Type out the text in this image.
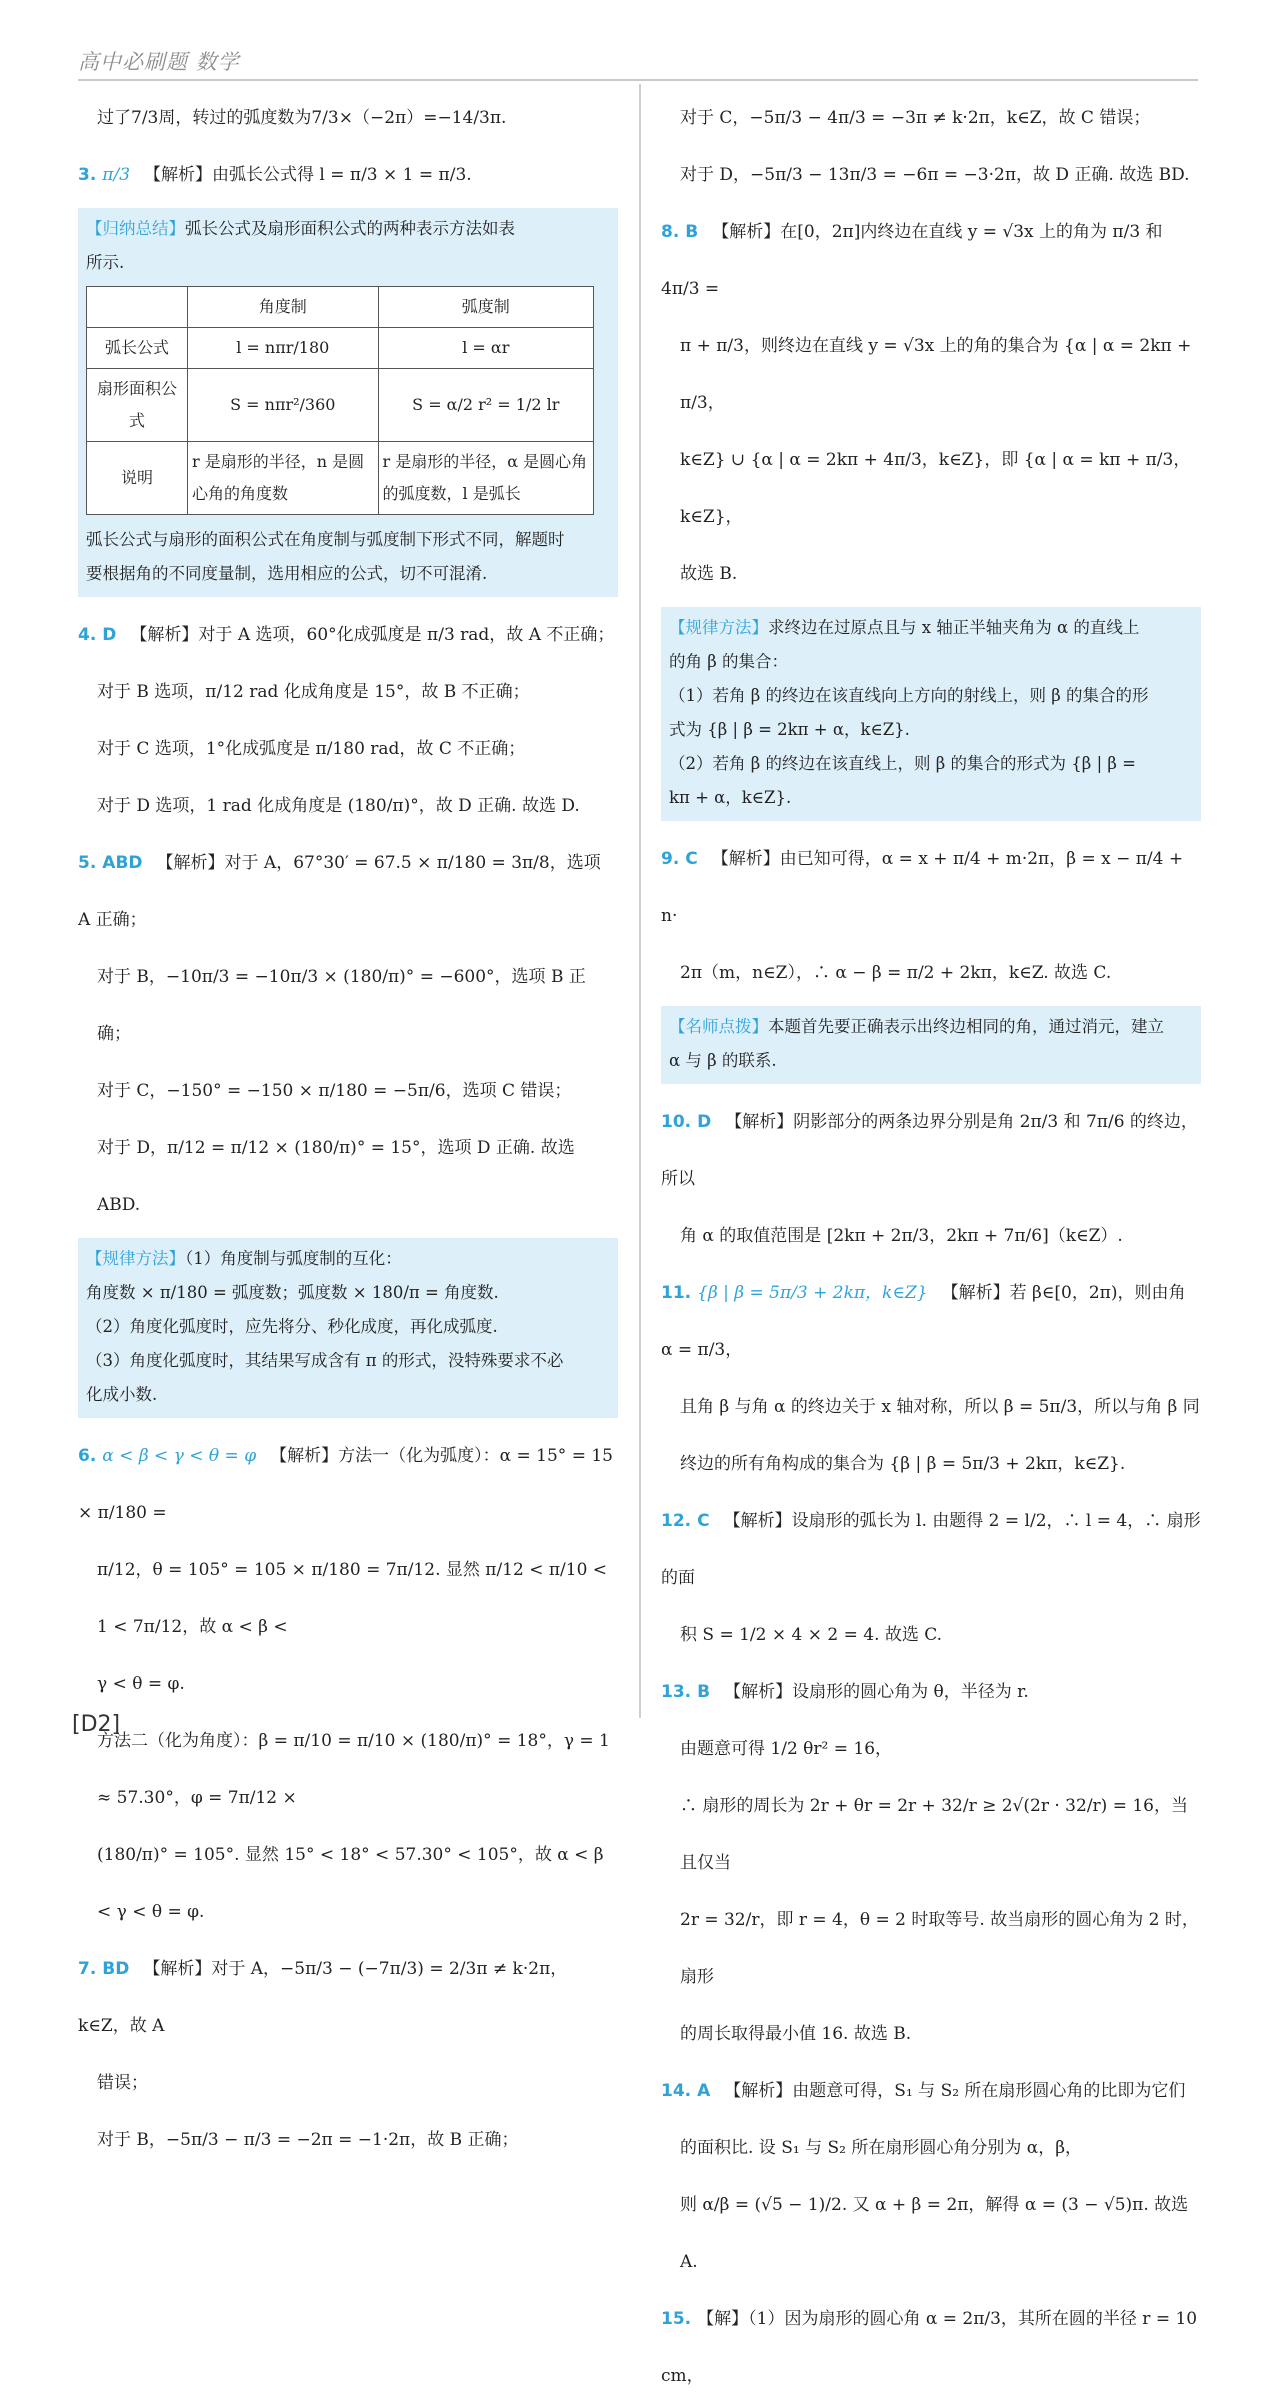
高中必刷题 数学
过了7/3周，转过的弧度数为7/3×（−2π）=−14/3π.
3. π/3 【解析】由弧长公式得 l = π/3 × 1 = π/3.
【归纳总结】弧长公式及扇形面积公式的两种表示方法如表
所示.
	角度制	弧度制
弧长公式	l = nπr/180	l = αr
扇形面积公式	S = nπr²/360	S = α/2 r² = 1/2 lr
说明	r 是扇形的半径，n 是圆心角的角度数	r 是扇形的半径，α 是圆心角的弧度数，l 是弧长
弧长公式与扇形的面积公式在角度制与弧度制下形式不同，解题时
要根据角的不同度量制，选用相应的公式，切不可混淆.
4. D 【解析】对于 A 选项，60°化成弧度是 π/3 rad，故 A 不正确；
对于 B 选项，π/12 rad 化成角度是 15°，故 B 不正确；
对于 C 选项，1°化成弧度是 π/180 rad，故 C 不正确；
对于 D 选项，1 rad 化成角度是 (180/π)°，故 D 正确. 故选 D.
5. ABD 【解析】对于 A，67°30′ = 67.5 × π/180 = 3π/8，选项 A 正确；
对于 B，−10π/3 = −10π/3 × (180/π)° = −600°，选项 B 正确；
对于 C，−150° = −150 × π/180 = −5π/6，选项 C 错误；
对于 D，π/12 = π/12 × (180/π)° = 15°，选项 D 正确. 故选 ABD.
【规律方法】（1）角度制与弧度制的互化：
角度数 × π/180 = 弧度数；弧度数 × 180/π = 角度数.
（2）角度化弧度时，应先将分、秒化成度，再化成弧度.
（3）角度化弧度时，其结果写成含有 π 的形式，没特殊要求不必
化成小数.
6. α < β < γ < θ = φ 【解析】方法一（化为弧度）：α = 15° = 15 × π/180 =
π/12，θ = 105° = 105 × π/180 = 7π/12. 显然 π/12 < π/10 < 1 < 7π/12，故 α < β <
γ < θ = φ.
方法二（化为角度）：β = π/10 = π/10 × (180/π)° = 18°，γ = 1 ≈ 57.30°，φ = 7π/12 ×
(180/π)° = 105°. 显然 15° < 18° < 57.30° < 105°，故 α < β < γ < θ = φ.
7. BD 【解析】对于 A，−5π/3 − (−7π/3) = 2/3π ≠ k·2π，k∈Z，故 A
错误；
对于 B，−5π/3 − π/3 = −2π = −1·2π，故 B 正确；
对于 C，−5π/3 − 4π/3 = −3π ≠ k·2π，k∈Z，故 C 错误；
对于 D，−5π/3 − 13π/3 = −6π = −3·2π，故 D 正确. 故选 BD.
8. B 【解析】在[0，2π]内终边在直线 y = √3x 上的角为 π/3 和 4π/3 =
π + π/3，则终边在直线 y = √3x 上的角的集合为 {α | α = 2kπ + π/3，
k∈Z} ∪ {α | α = 2kπ + 4π/3，k∈Z}，即 {α | α = kπ + π/3，k∈Z}，
故选 B.
【规律方法】求终边在过原点且与 x 轴正半轴夹角为 α 的直线上
的角 β 的集合：
（1）若角 β 的终边在该直线向上方向的射线上，则 β 的集合的形
式为 {β | β = 2kπ + α，k∈Z}.
（2）若角 β 的终边在该直线上，则 β 的集合的形式为 {β | β =
kπ + α，k∈Z}.
9. C 【解析】由已知可得，α = x + π/4 + m·2π，β = x − π/4 + n·
2π（m，n∈Z），∴ α − β = π/2 + 2kπ，k∈Z. 故选 C.
【名师点拨】本题首先要正确表示出终边相同的角，通过消元，建立
α 与 β 的联系.
10. D 【解析】阴影部分的两条边界分别是角 2π/3 和 7π/6 的终边，所以
角 α 的取值范围是 [2kπ + 2π/3，2kπ + 7π/6]（k∈Z）.
11. {β | β = 5π/3 + 2kπ，k∈Z} 【解析】若 β∈[0，2π)，则由角 α = π/3，
且角 β 与角 α 的终边关于 x 轴对称，所以 β = 5π/3，所以与角 β 同
终边的所有角构成的集合为 {β | β = 5π/3 + 2kπ，k∈Z}.
12. C 【解析】设扇形的弧长为 l. 由题得 2 = l/2，∴ l = 4，∴ 扇形的面
积 S = 1/2 × 4 × 2 = 4. 故选 C.
13. B 【解析】设扇形的圆心角为 θ，半径为 r.
由题意可得 1/2 θr² = 16，
∴ 扇形的周长为 2r + θr = 2r + 32/r ≥ 2√(2r · 32/r) = 16，当且仅当
2r = 32/r，即 r = 4，θ = 2 时取等号. 故当扇形的圆心角为 2 时，扇形
的周长取得最小值 16. 故选 B.
14. A 【解析】由题意可得，S₁ 与 S₂ 所在扇形圆心角的比即为它们
的面积比. 设 S₁ 与 S₂ 所在扇形圆心角分别为 α，β，
则 α/β = (√5 − 1)/2. 又 α + β = 2π，解得 α = (3 − √5)π. 故选 A.
15. 【解】（1）因为扇形的圆心角 α = 2π/3，其所在圆的半径 r = 10 cm，
[D2]
